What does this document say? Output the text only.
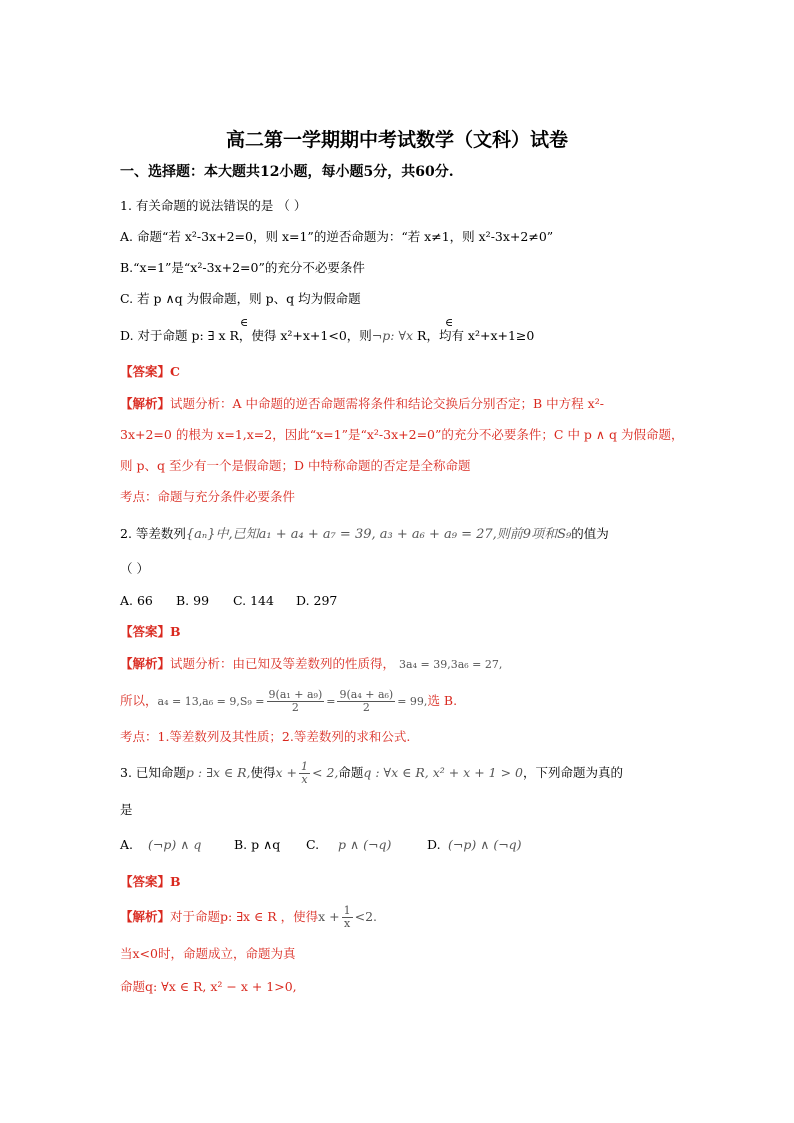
高二第一学期期中考试数学（文科）试卷
一、选择题：本大题共12小题，每小题5分，共60分.
1. 有关命题的说法错误的是 （ ）
A. 命题“若 x²-3x+2=0，则 x=1”的逆否命题为：“若 x≠1，则 x²-3x+2≠0”
B.“x=1”是“x²-3x+2=0”的充分不必要条件
C. 若 p ∧q 为假命题，则 p、q 均为假命题
D. 对于命题 p: ∃ x R，使得 x²+x+1<0，则¬p: ∀x R，均有 x²+x+1≥0
∈	∈
【答案】C
【解析】试题分析：A 中命题的逆否命题需将条件和结论交换后分别否定；B 中方程 x²-
3x+2=0 的根为 x=1,x=2，因此“x=1”是“x²-3x+2=0”的充分不必要条件；C 中 p ∧ q 为假命题，
则 p、q 至少有一个是假命题；D 中特称命题的否定是全称命题
考点：命题与充分条件必要条件
2. 等差数列{aₙ}中,已知a₁ + a₄ + a₇ = 39, a₃ + a₆ + a₉ = 27,则前9项和S₉的值为
（ ）
A. 66 B. 99 C. 144 D. 297
【答案】B
【解析】试题分析：由已知及等差数列的性质得， 3a₄ = 39,3a₆ = 27,
所以，$a_4 = 13,a_6 = 9,S_9 = \frac{\text{9(a₁ + a₉)}}{2} = \frac{\text{9(a₄ + a₆)}}{2} = 99$,选 B.
考点：1.等差数列及其性质；2.等差数列的求和公式.
3. 已知命题p : ∃x ∈ R,使得$x + \frac{1}{x} < 2$,命题q : ∀x ∈ R, x² + x + 1 > 0，下列命题为真的
是
A. (¬p) ∧ q	B. p ∧q C. p ∧ (¬q)	D. (¬p) ∧ (¬q)
【答案】B
【解析】对于命题p: ∃x ∈ R ，使得$x + \frac{1}{x} <2$.
当x<0时，命题成立，命题为真
命题q: ∀x ∈ R, x² − x + 1>0,
